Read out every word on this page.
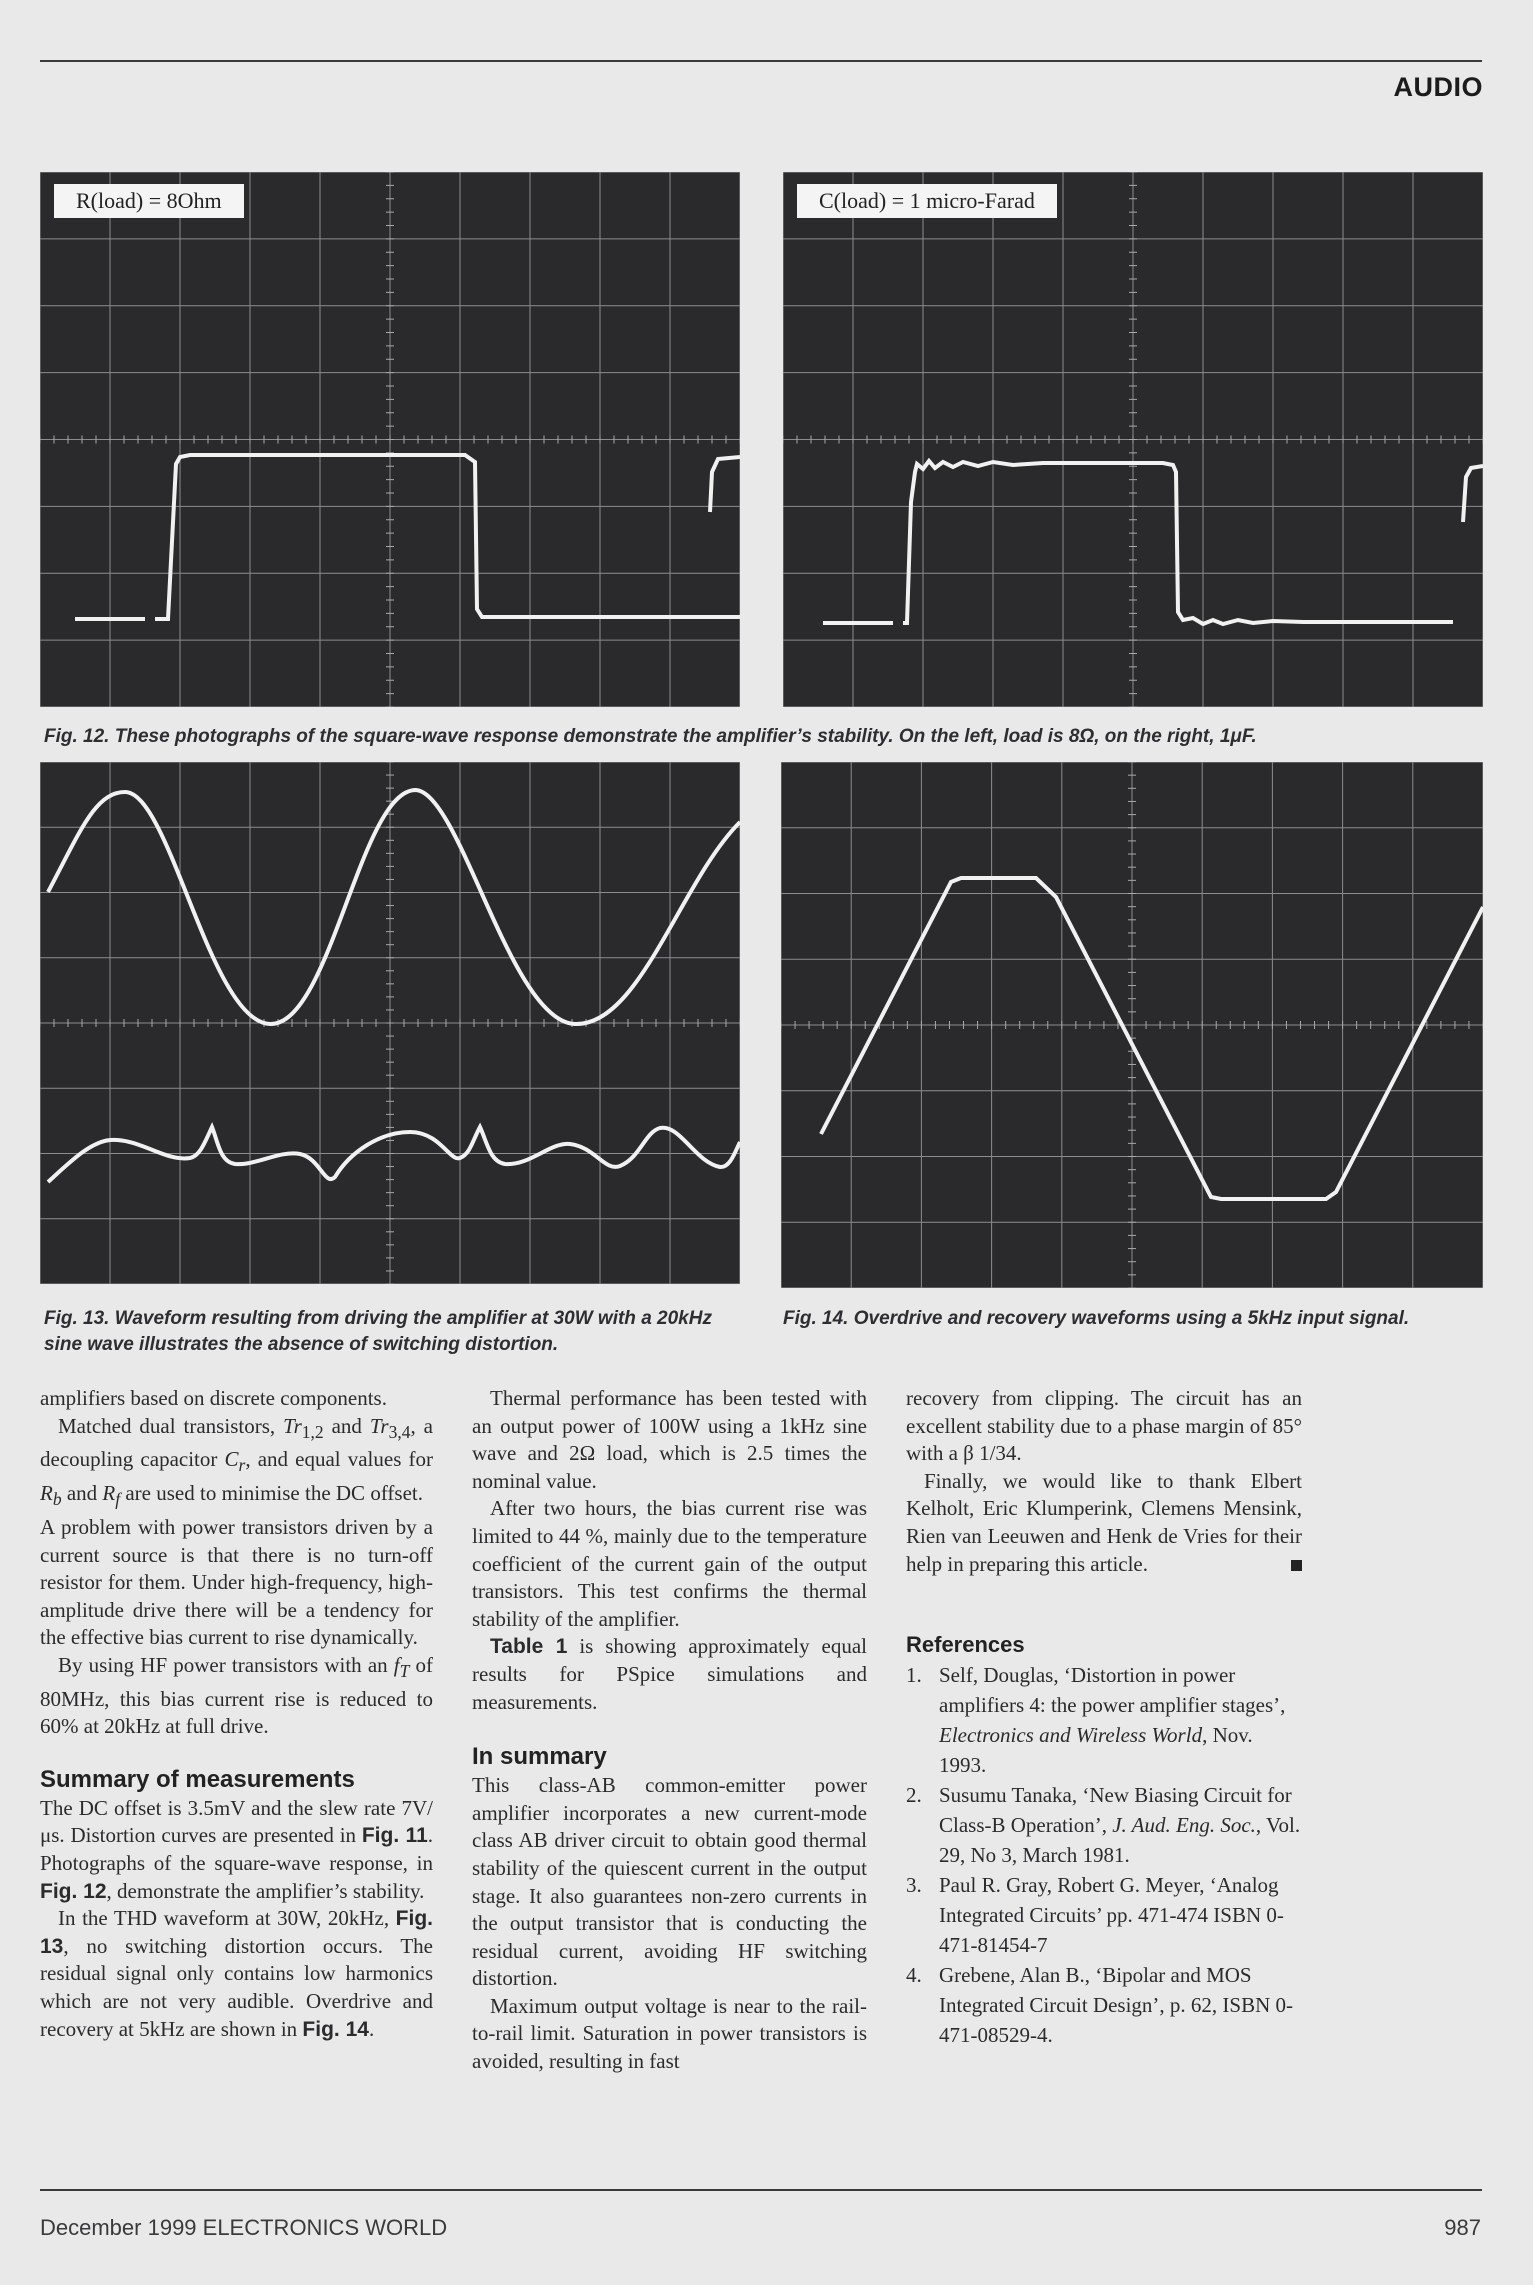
AUDIO
R(load) = 8Ohm	C(load) = 1 micro-Farad
Fig. 12. These photographs of the square-wave response demonstrate the amplifier’s stability. On the left, load is 8Ω, on the right, 1μF.
Fig. 13. Waveform resulting from driving the amplifier at 30W with a 20kHz sine wave illustrates the absence of switching distortion.
Fig. 14. Overdrive and recovery waveforms using a 5kHz input signal.

amplifiers based on discrete components.

Matched dual transistors, $Tr_{1,2}$ and $Tr_{3,4}$, a decoupling capacitor $C_r$, and equal values for $R_b$ and $R_f$ are used to minimise the DC offset.

A problem with power transistors driven by a current source is that there is no turn-off resistor for them. Under high-frequency, high-amplitude drive there will be a tendency for the effective bias current to rise dynamically.

By using HF power transistors with an $f_T$ of 80MHz, this bias current rise is reduced to 60% at 20kHz at full drive.

Summary of measurements

The DC offset is 3.5mV and the slew rate 7V/μs. Distortion curves are presented in Fig. 11. Photographs of the square-wave response, in Fig. 12, demonstrate the amplifier’s stability.

In the THD waveform at 30W, 20kHz, Fig. 13, no switching distortion occurs. The residual signal only contains low harmonics which are not very audible. Overdrive and recovery at 5kHz are shown in Fig. 14.

Thermal performance has been tested with an output power of 100W using a 1kHz sine wave and 2Ω load, which is 2.5 times the nominal value.

After two hours, the bias current rise was limited to 44 %, mainly due to the temperature coefficient of the current gain of the output transistors. This test confirms the thermal stability of the amplifier.

Table 1 is showing approximately equal results for PSpice simulations and measurements.

In summary

This class-AB common-emitter power amplifier incorporates a new current-mode class AB driver circuit to obtain good thermal stability of the quiescent current in the output stage. It also guarantees non-zero currents in the output transistor that is conducting the residual current, avoiding HF switching distortion.

Maximum output voltage is near to the rail-to-rail limit. Saturation in power transistors is avoided, resulting in fast

recovery from clipping. The circuit has an excellent stability due to a phase margin of 85° with a β 1/34.

Finally, we would like to thank Elbert Kelholt, Eric Klumperink, Clemens Mensink, Rien van Leeuwen and Henk de Vries for their help in preparing this article.

References

1. Self, Douglas, ‘Distortion in power amplifiers 4: the power amplifier stages’, Electronics and Wireless World, Nov. 1993.
2. Susumu Tanaka, ‘New Biasing Circuit for Class-B Operation’, J. Aud. Eng. Soc., Vol. 29, No 3, March 1981.
3. Paul R. Gray, Robert G. Meyer, ‘Analog Integrated Circuits’ pp. 471-474 ISBN 0-471-81454-7
4. Grebene, Alan B., ‘Bipolar and MOS Integrated Circuit Design’, p. 62, ISBN 0-471-08529-4.
December 1999 ELECTRONICS WORLD	987
